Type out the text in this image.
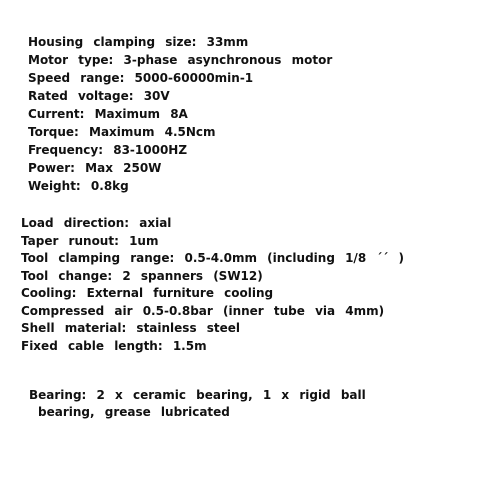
Housing clamping size: 33mm
Motor type: 3-phase asynchronous motor
Speed range: 5000-60000min-1
Rated voltage: 30V
Current: Maximum 8A
Torque: Maximum 4.5Ncm
Frequency: 83-1000HZ
Power: Max 250W
Weight: 0.8kg
Load direction: axial
Taper runout: 1um
Tool clamping range: 0.5-4.0mm (including 1/8 ´´ )
Tool change: 2 spanners (SW12)
Cooling: External furniture cooling
Compressed air 0.5-0.8bar (inner tube via 4mm)
Shell material: stainless steel
Fixed cable length: 1.5m
Bearing: 2 x ceramic bearing, 1 x rigid ball
bearing, grease lubricated
